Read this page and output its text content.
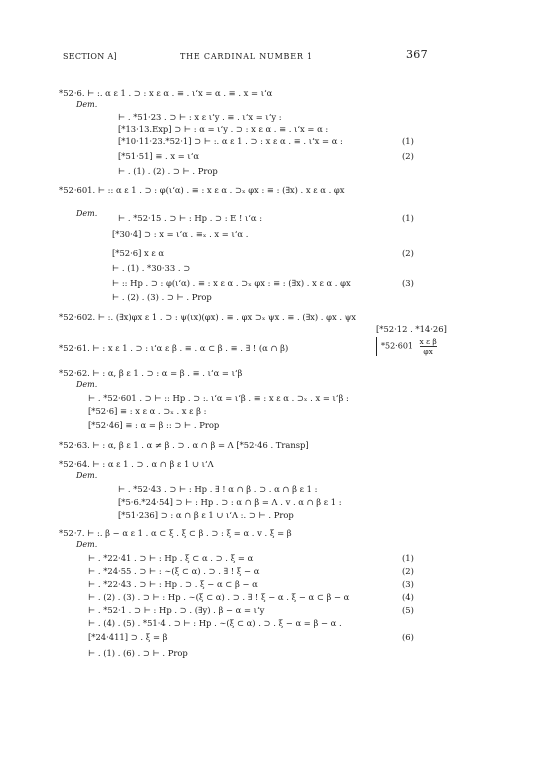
SECTION A]	THE CARDINAL NUMBER 1	367
*52·6. ⊢ :. α ε 1 . ⊃ : x ε α . ≡ . ι‘x = α . ≡ . x = ι‘α
Dem.
⊢ . *51·23 . ⊃ ⊢ : x ε ι‘y . ≡ . ι‘x = ι‘y :
[*13·13.Exp] ⊃ ⊢ : α = ι‘y . ⊃ : x ε α . ≡ . ι‘x = α :
[*10·11·23.*52·1] ⊃ ⊢ :. α ε 1 . ⊃ : x ε α . ≡ . ι‘x = α :
[*51·51] ≡ . x = ι‘α
⊢ . (1) . (2) . ⊃ ⊢ . Prop
*52·601. ⊢ :: α ε 1 . ⊃ : φ(ι‘α) . ≡ : x ε α . ⊃ₓ φx : ≡ : (∃x) . x ε α . φx
Dem. ⊢ . *52·15 . ⊃ ⊢ : Hp . ⊃ : E ! ι‘α :
[*30·4] ⊃ : x = ι‘α . ≡ₓ . x = ι‘α .
[*52·6] x ε α
⊢ . (1) . *30·33 . ⊃
⊢ :: Hp . ⊃ : φ(ι‘α) . ≡ : x ε α . ⊃ₓ φx : ≡ : (∃x) . x ε α . φx
⊢ . (2) . (3) . ⊃ ⊢ . Prop
*52·602. ⊢ :. (∃x)φx ε 1 . ⊃ : ψ(ιx)(φx) . ≡ . φx ⊃ₓ ψx . ≡ . (∃x) . φx . ψx
[*52·12 . *14·26]
*52·61. ⊢ : x ε 1 . ⊃ : ι‘α ε β . ≡ . α ⊂ β . ≡ . ∃ ! (α ∩ β)
*52·62. ⊢ : α, β ε 1 . ⊃ : α = β . ≡ . ι‘α = ι‘β
Dem.
⊢ . *52·601 . ⊃ ⊢ :: Hp . ⊃ :. ι‘α = ι‘β . ≡ : x ε α . ⊃ₓ . x = ι‘β :
[*52·6] ≡ : x ε α . ⊃ₓ . x ε β :
[*52·46] ≡ : α = β :: ⊃ ⊢ . Prop
*52·63. ⊢ : α, β ε 1 . α ≠ β . ⊃ . α ∩ β = Λ [*52·46 . Transp]
*52·64. ⊢ : α ε 1 . ⊃ . α ∩ β ε 1 ∪ ι‘Λ
Dem.
⊢ . *52·43 . ⊃ ⊢ : Hp . ∃ ! α ∩ β . ⊃ . α ∩ β ε 1 :
[*5·6.*24·54] ⊃ ⊢ : Hp . ⊃ : α ∩ β = Λ . v . α ∩ β ε 1 :
[*51·236] ⊃ : α ∩ β ε 1 ∪ ι‘Λ :. ⊃ ⊢ . Prop
*52·7. ⊢ :. β − α ε 1 . α ⊂ ξ . ξ ⊂ β . ⊃ : ξ = α . v . ξ = β
Dem.
⊢ . *22·41 . ⊃ ⊢ : Hp . ξ ⊂ α . ⊃ . ξ = α
⊢ . *24·55 . ⊃ ⊢ : ∼(ξ ⊂ α) . ⊃ . ∃ ! ξ − α
⊢ . *22·43 . ⊃ ⊢ : Hp . ⊃ . ξ − α ⊂ β − α
⊢ . (2) . (3) . ⊃ ⊢ : Hp . ∼(ξ ⊂ α) . ⊃ . ∃ ! ξ − α . ξ − α ⊂ β − α
⊢ . *52·1 . ⊃ ⊢ : Hp . ⊃ . (∃y) . β − α = ι‘y
⊢ . (4) . (5) . *51·4 . ⊃ ⊢ : Hp . ∼(ξ ⊂ α) . ⊃ . ξ − α = β − α .
[*24·411] ⊃ . ξ = β
⊢ . (1) . (6) . ⊃ ⊢ . Prop
(1)
(2)
(1)
(2)
(3)
(1)
(2)
(3)
(4)
(5)
(6)
$*52\cdot 601 \frac{\text{x ε β}}{\varphi x}$
